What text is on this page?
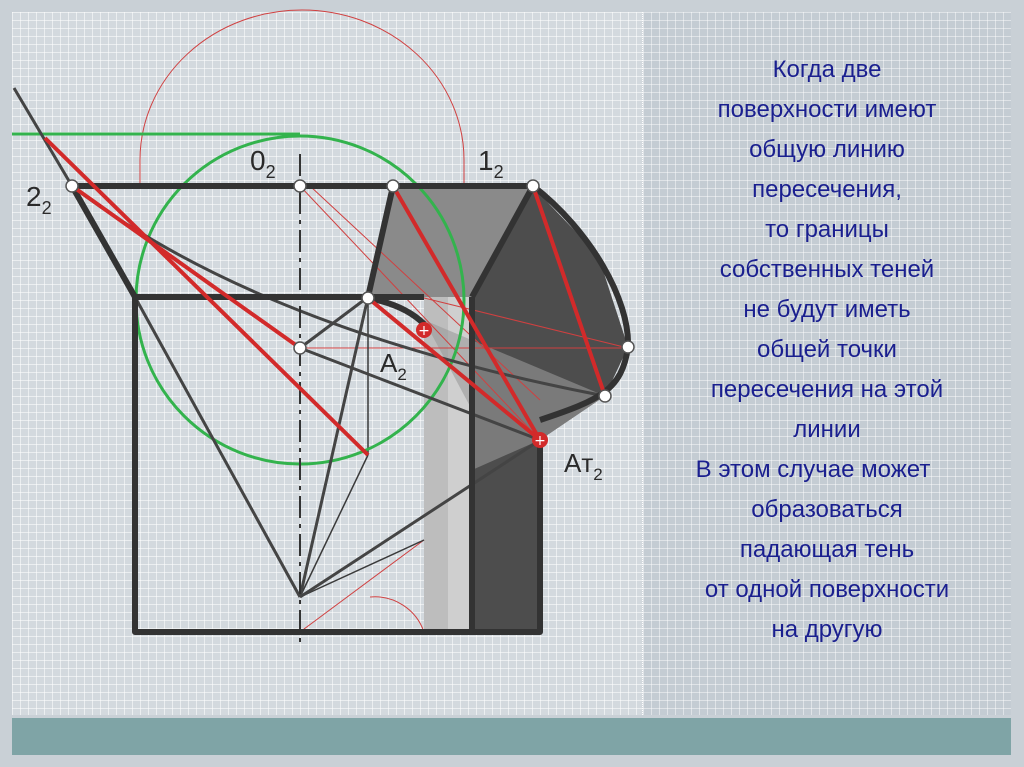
+
+
$2_2$
$0_2$	$1_2$
$A_2$
$Aт_2$
Когда две
поверхности имеют
общую линию
пересечения,
то границы
собственных теней
не будут иметь
общей точки
пересечения на этой
линии
В этом случае может
образоваться
падающая тень
от одной поверхности
на другую
